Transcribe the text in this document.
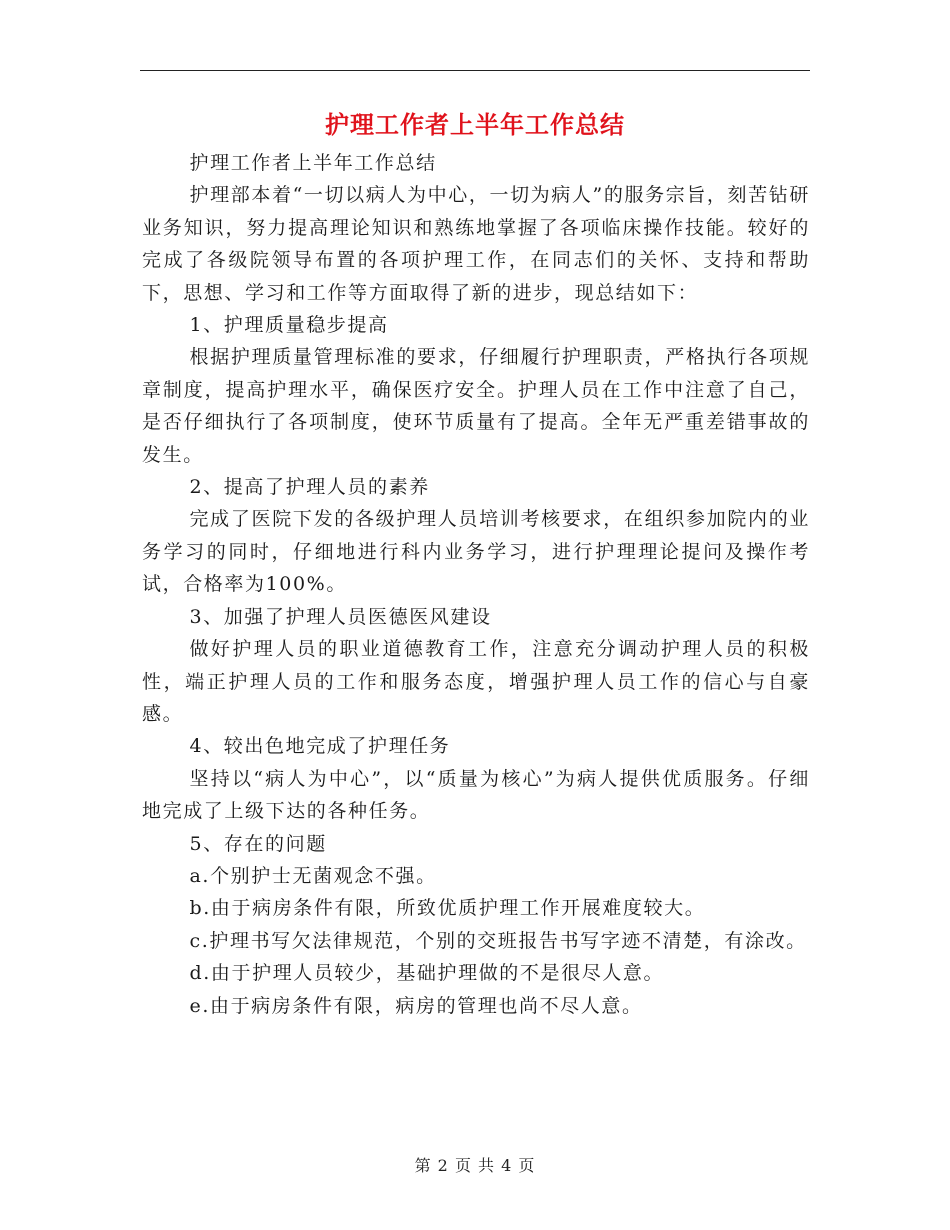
护理工作者上半年工作总结

护理工作者上半年工作总结

护理部本着“一切以病人为中心，一切为病人”的服务宗旨，刻苦钻研业务知识，努力提高理论知识和熟练地掌握了各项临床操作技能。较好的完成了各级院领导布置的各项护理工作，在同志们的关怀、支持和帮助下，思想、学习和工作等方面取得了新的进步，现总结如下：

1、护理质量稳步提高

根据护理质量管理标准的要求，仔细履行护理职责，严格执行各项规章制度，提高护理水平，确保医疗安全。护理人员在工作中注意了自己，是否仔细执行了各项制度，使环节质量有了提高。全年无严重差错事故的发生。

2、提高了护理人员的素养

完成了医院下发的各级护理人员培训考核要求，在组织参加院内的业务学习的同时，仔细地进行科内业务学习，进行护理理论提问及操作考试，合格率为100%。

3、加强了护理人员医德医风建设

做好护理人员的职业道德教育工作，注意充分调动护理人员的积极性，端正护理人员的工作和服务态度，增强护理人员工作的信心与自豪感。

4、较出色地完成了护理任务

坚持以“病人为中心”，以“质量为核心”为病人提供优质服务。仔细地完成了上级下达的各种任务。

5、存在的问题

a.个别护士无菌观念不强。

b.由于病房条件有限，所致优质护理工作开展难度较大。

c.护理书写欠法律规范，个别的交班报告书写字迹不清楚，有涂改。

d.由于护理人员较少，基础护理做的不是很尽人意。

e.由于病房条件有限，病房的管理也尚不尽人意。

第 2 页 共 4 页
